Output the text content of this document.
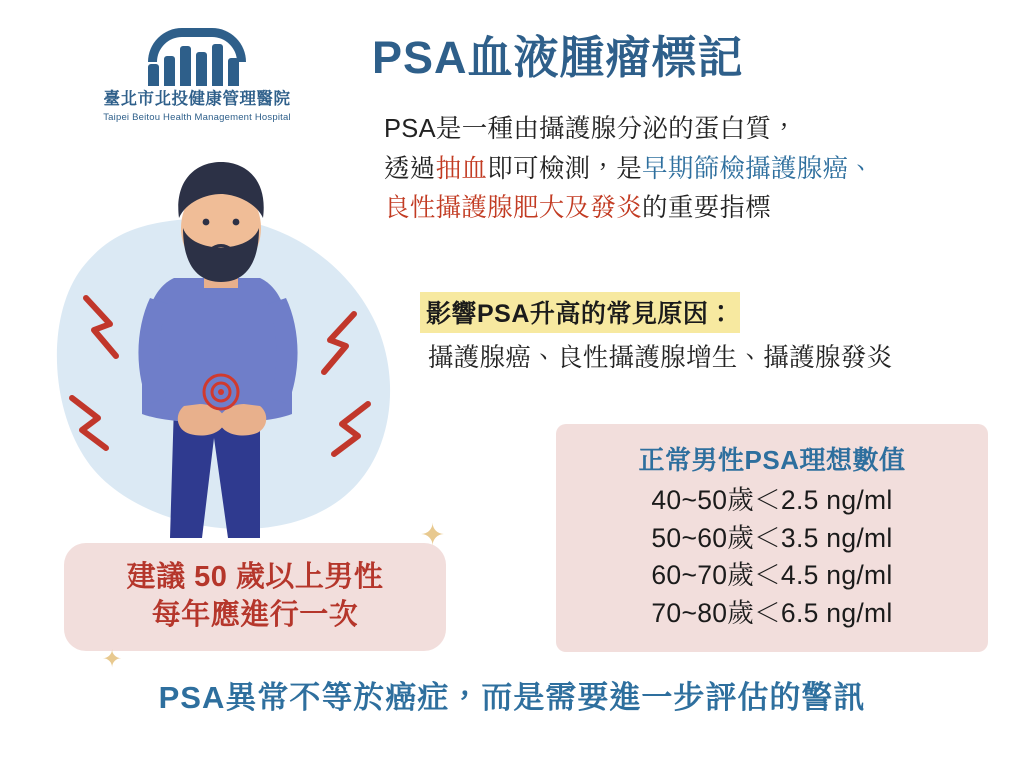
臺北市北投健康管理醫院
Taipei Beitou Health Management Hospital
PSA血液腫瘤標記
PSA是一種由攝護腺分泌的蛋白質，
透過抽血即可檢測，是早期篩檢攝護腺癌、
良性攝護腺肥大及發炎的重要指標
影響PSA升高的常見原因：
攝護腺癌、良性攝護腺增生、攝護腺發炎
正常男性PSA理想數值
40~50歲＜2.5 ng/ml
50~60歲＜3.5 ng/ml
60~70歲＜4.5 ng/ml
70~80歲＜6.5 ng/ml
建議 50 歲以上男性
每年應進行一次
✦
✦
PSA異常不等於癌症，而是需要進一步評估的警訊
